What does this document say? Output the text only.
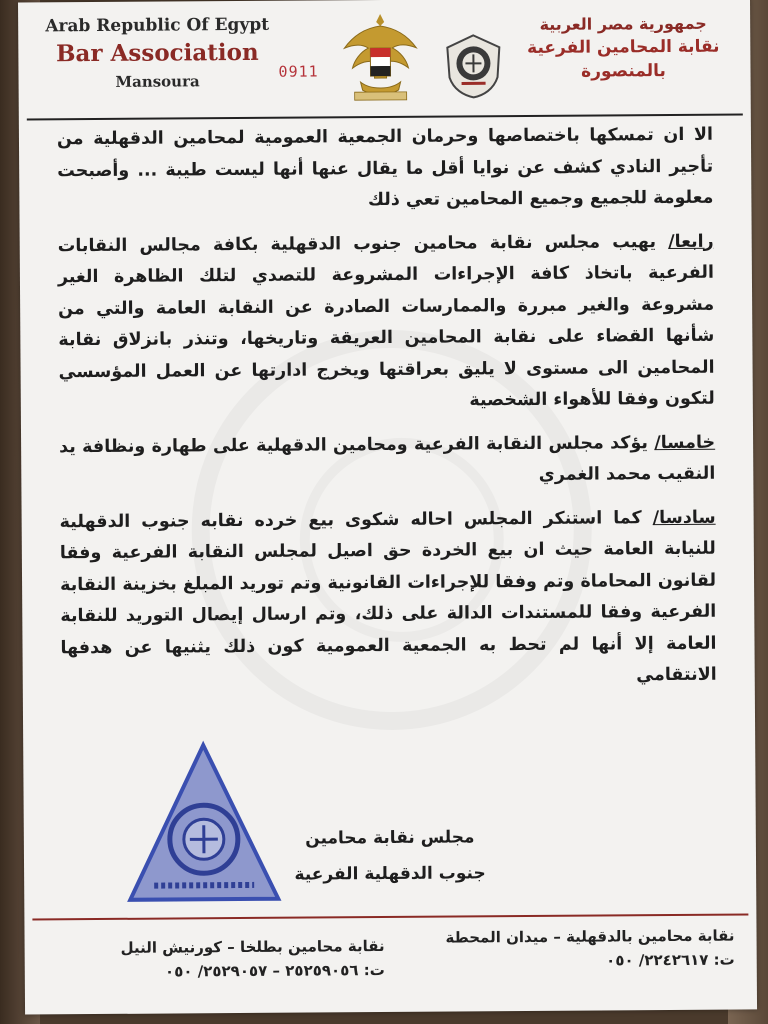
Arab Republic Of Egypt
Bar Association
Mansoura
0911
جمهورية مصر العربية
نقابة المحامين الفرعية
بالمنصورة

الا ان تمسكها باختصاصها وحرمان الجمعية العمومية لمحامين الدقهلية من تأجير النادي كشف عن نوايا أقل ما يقال عنها أنها ليست طيبة ... وأصبحت معلومة للجميع وجميع المحامين تعي ذلك

رابعا/ يهيب مجلس نقابة محامين جنوب الدقهلية بكافة مجالس النقابات الفرعية باتخاذ كافة الإجراءات المشروعة للتصدي لتلك الظاهرة الغير مشروعة والغير مبررة والممارسات الصادرة عن النقابة العامة والتي من شأنها القضاء على نقابة المحامين العريقة وتاريخها، وتنذر بانزلاق نقابة المحامين الى مستوى لا يليق بعراقتها ويخرج ادارتها عن العمل المؤسسي لتكون وفقا للأهواء الشخصية

خامسا/ يؤكد مجلس النقابة الفرعية ومحامين الدقهلية على طهارة ونظافة يد النقيب محمد الغمري

سادسا/ كما استنكر المجلس احاله شكوى بيع خرده نقابه جنوب الدقهلية للنيابة العامة حيث ان بيع الخردة حق اصيل لمجلس النقابة الفرعية وفقا لقانون المحاماة وتم وفقا للإجراءات القانونية وتم توريد المبلغ بخزينة النقابة الفرعية وفقا للمستندات الدالة على ذلك، وتم ارسال إيصال التوريد للنقابة العامة إلا أنها لم تحط به الجمعية العمومية كون ذلك يثنيها عن هدفها الانتقامي

مجلس نقابة محامين
جنوب الدقهلية الفرعية
نقابة محامين بالدقهلية – ميدان المحطة
ت: ٢٢٤٢٦١٧/ ٠٥٠
نقابة محامين بطلخا – كورنيش النيل
ت: ٢٥٢٥٩٠٥٦ – ٢٥٢٩٠٥٧/ ٠٥٠
